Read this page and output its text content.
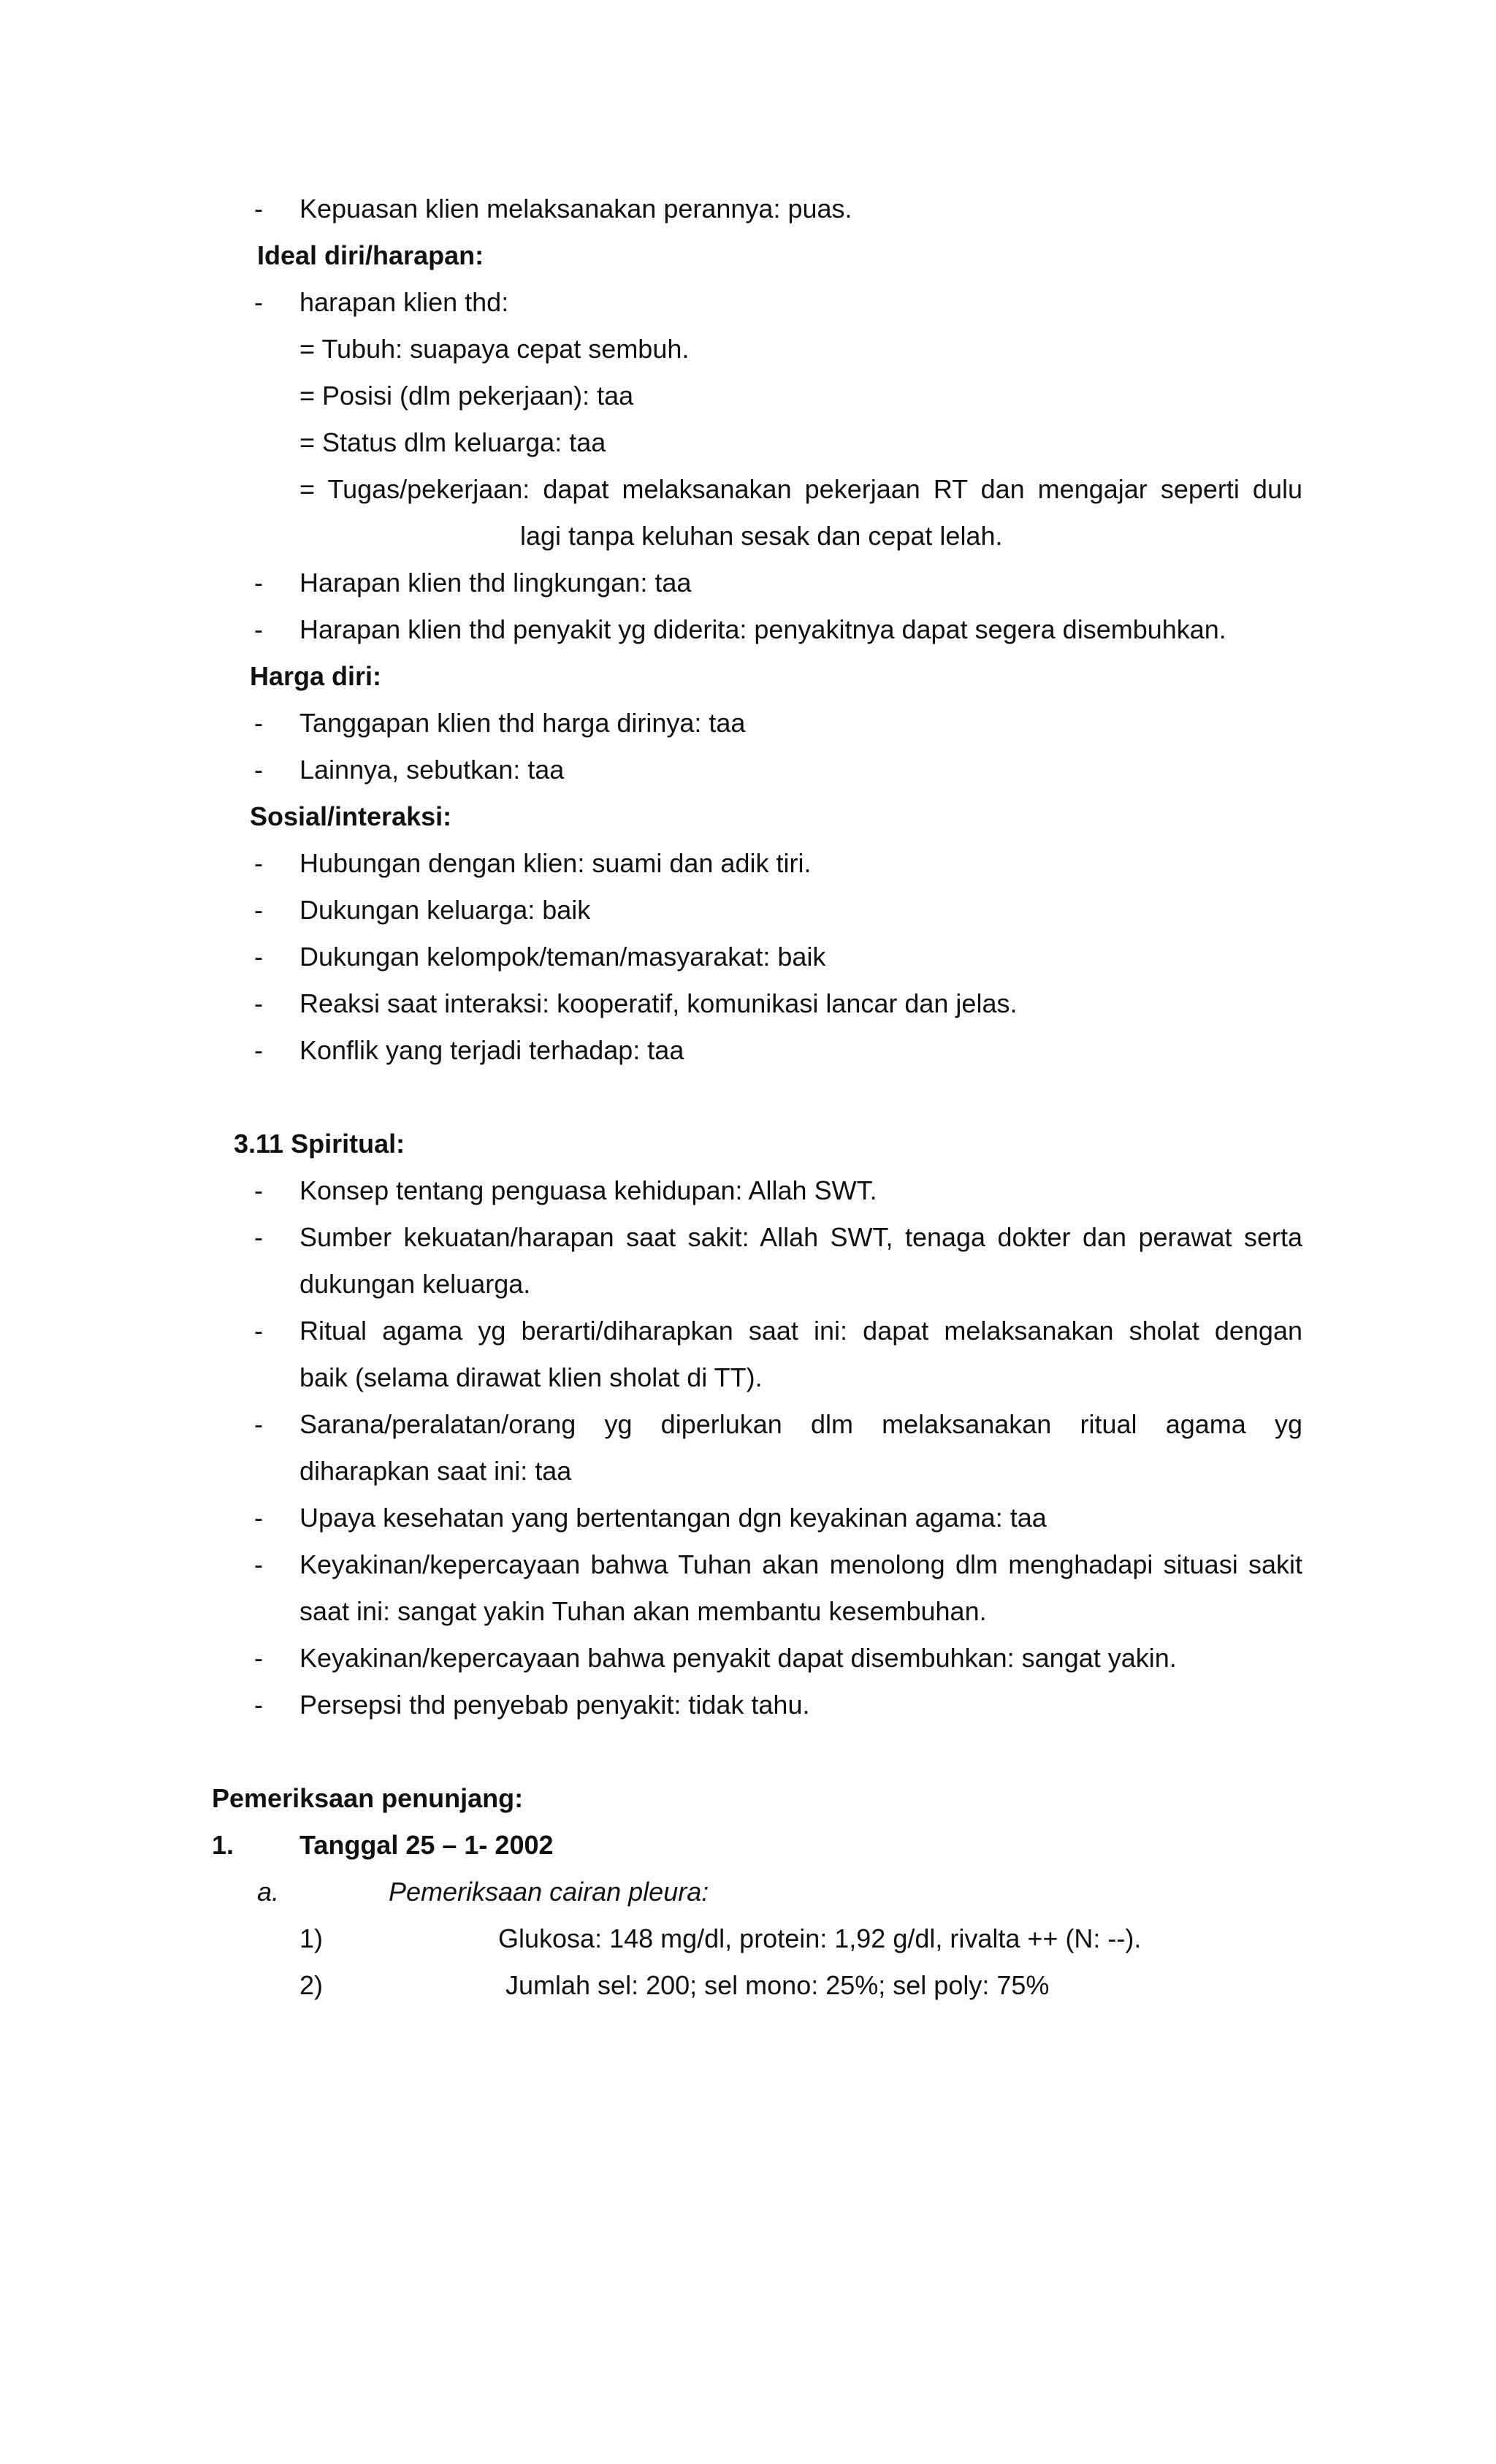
- Kepuasan klien melaksanakan perannya: puas.
Ideal diri/harapan:
- harapan klien thd:
= Tubuh: suapaya cepat sembuh.
= Posisi (dlm pekerjaan): taa
= Status dlm keluarga: taa
= Tugas/pekerjaan: dapat melaksanakan pekerjaan RT dan mengajar seperti dulu
lagi tanpa keluhan sesak dan cepat lelah.
- Harapan klien thd lingkungan: taa
- Harapan klien thd penyakit yg diderita: penyakitnya dapat segera disembuhkan.
Harga diri:
- Tanggapan klien thd harga dirinya: taa
- Lainnya, sebutkan: taa
Sosial/interaksi:
- Hubungan dengan klien: suami dan adik tiri.
- Dukungan keluarga: baik
- Dukungan kelompok/teman/masyarakat: baik
- Reaksi saat interaksi: kooperatif, komunikasi lancar dan jelas.
- Konflik yang terjadi terhadap: taa
3.11 Spiritual:
- Konsep tentang penguasa kehidupan: Allah SWT.
- Sumber kekuatan/harapan saat sakit: Allah SWT, tenaga dokter dan perawat serta
dukungan keluarga.
- Ritual agama yg berarti/diharapkan saat ini: dapat melaksanakan sholat dengan
baik (selama dirawat klien sholat di TT).
- Sarana/peralatan/orang yg diperlukan dlm melaksanakan ritual agama yg
diharapkan saat ini: taa
- Upaya kesehatan yang bertentangan dgn keyakinan agama: taa
- Keyakinan/kepercayaan bahwa Tuhan akan menolong dlm menghadapi situasi sakit
saat ini: sangat yakin Tuhan akan membantu kesembuhan.
- Keyakinan/kepercayaan bahwa penyakit dapat disembuhkan: sangat yakin.
- Persepsi thd penyebab penyakit: tidak tahu.
Pemeriksaan penunjang:
1. Tanggal 25 – 1- 2002
a.	Pemeriksaan cairan pleura:
1)	Glukosa: 148 mg/dl, protein: 1,92 g/dl, rivalta ++ (N: --).
2)	Jumlah sel: 200; sel mono: 25%; sel poly: 75%
